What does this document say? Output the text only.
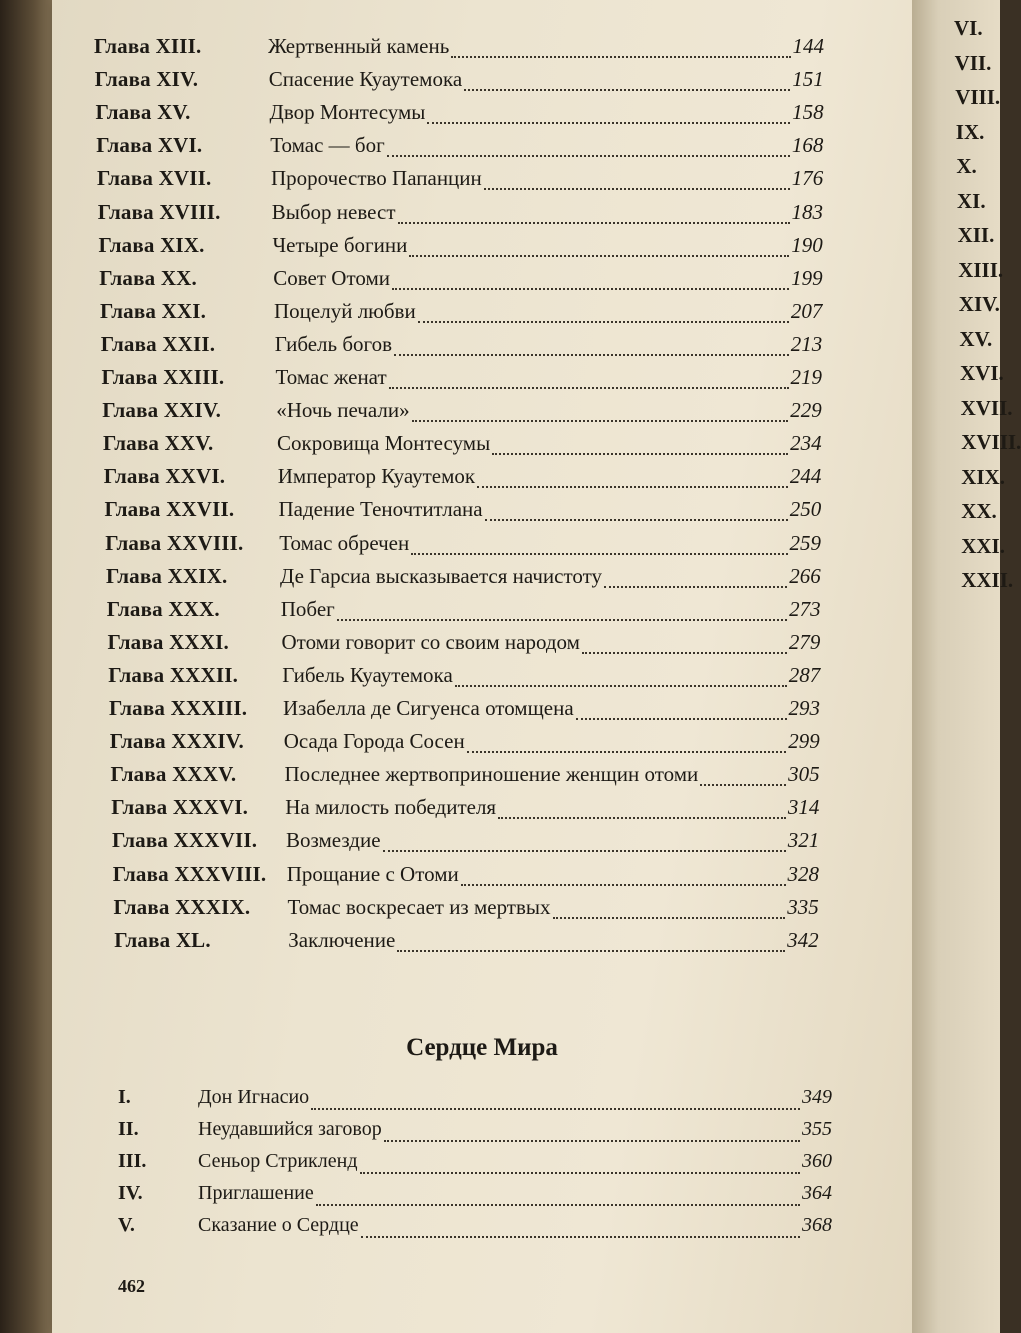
Глава XIII.	Жертвенный камень	144
Глава XIV.	Спасение Куаутемока	151
Глава XV.	Двор Монтесумы	158
Глава XVI.	Томас — бог	168
Глава XVII.	Пророчество Папанцин	176
Глава XVIII.	Выбор невест	183
Глава XIX.	Четыре богини	190
Глава XX.	Совет Отоми	199
Глава XXI.	Поцелуй любви	207
Глава XXII.	Гибель богов	213
Глава XXIII.	Томас женат	219
Глава XXIV.	«Ночь печали»	229
Глава XXV.	Сокровища Монтесумы	234
Глава XXVI.	Император Куаутемок	244
Глава XXVII.	Падение Теночтитлана	250
Глава XXVIII.	Томас обречен	259
Глава XXIX.	Де Гарсиа высказывается начистоту	266
Глава XXX.	Побег	273
Глава XXXI.	Отоми говорит со своим народом	279
Глава XXXII.	Гибель Куаутемока	287
Глава XXXIII.	Изабелла де Сигуенса отомщена	293
Глава XXXIV.	Осада Города Сосен	299
Глава XXXV.	Последнее жертвоприношение женщин отоми	305
Глава XXXVI.	На милость победителя	314
Глава XXXVII.	Возмездие	321
Глава XXXVIII. Прощание с Отоми	328
Глава XXXIX.	Томас воскресает из мертвых	335
Глава XL.	Заключение	342
Сердце Мира
I.	Дон Игнасио	349
II.	Неудавшийся заговор	355
III.	Сеньор Стрикленд	360
IV.	Приглашение	364
V.	Сказание о Сердце	368
462
VI.
VII.
VIII.
IX.
X.
XI.
XII.
XIII.
XIV.
XV.
XVI.
XVII.
XVIII.
XIX.
XX.
XXI.
XXII.
